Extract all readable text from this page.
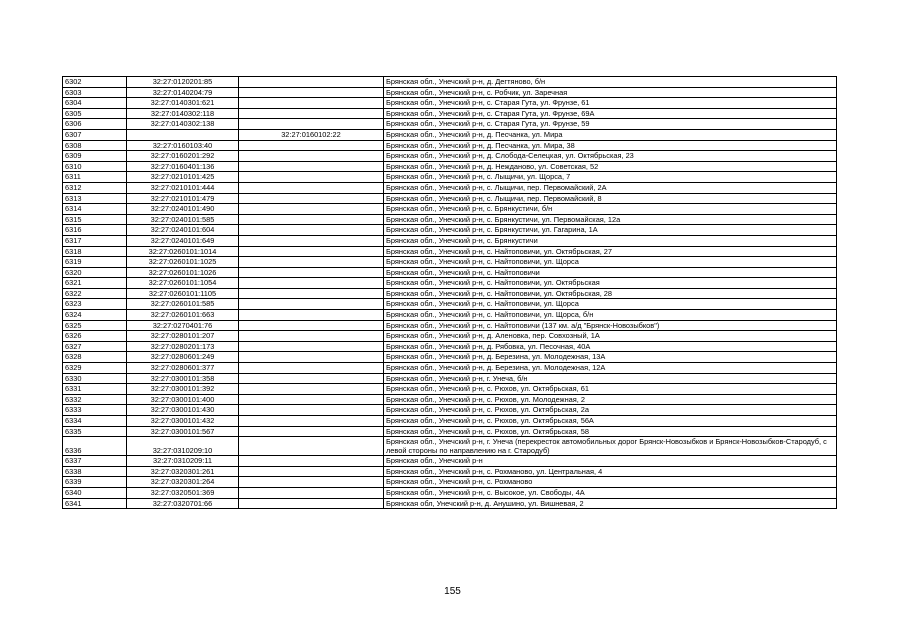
6302	32:27:0120201:85		Брянская обл., Унечский р-н, д. Дегтяново, б/н
6303	32:27:0140204:79		Брянская обл., Унечский р-н, с. Робчик, ул. Заречная
6304	32:27:0140301:621		Брянская обл., Унечский р-н, с. Старая Гута, ул. Фрунзе, 61
6305	32:27:0140302:118		Брянская обл., Унечский р-н, с. Старая Гута, ул. Фрунзе, 69А
6306	32:27:0140302:138		Брянская обл., Унечский р-н, с. Старая Гута, ул. Фрунзе, 59
6307		32:27:0160102:22	Брянская обл., Унечский р-н, д. Песчанка, ул. Мира
6308	32:27:0160103:40		Брянская обл., Унечский р-н, д. Песчанка, ул. Мира, 38
6309	32:27:0160201:292		Брянская обл., Унечский р-н, д. Слобода-Селецкая, ул. Октябрьская, 23
6310	32:27:0160401:136		Брянская обл., Унечский р-н, д. Нежданово, ул. Советская, 52
6311	32:27:0210101:425		Брянская обл., Унечский р-н, с. Лыщичи, ул. Щорса, 7
6312	32:27:0210101:444		Брянская обл., Унечский р-н, с. Лыщичи, пер. Первомайский, 2А
6313	32:27:0210101:479		Брянская обл., Унечский р-н, с. Лыщичи, пер. Первомайский, 8
6314	32:27:0240101:490		Брянская обл., Унечский р-н, с. Брянкустичи, б/н
6315	32:27:0240101:585		Брянская обл., Унечский р-н, с. Брянкустичи, ул. Первомайская, 12а
6316	32:27:0240101:604		Брянская обл., Унечский р-н, с. Брянкустичи, ул. Гагарина, 1А
6317	32:27:0240101:649		Брянская обл., Унечский р-н, с. Брянкустичи
6318	32:27:0260101:1014		Брянская обл., Унечский р-н, с. Найтоповичи, ул. Октябрьская, 27
6319	32:27:0260101:1025		Брянская обл., Унечский р-н, с. Найтоповичи, ул. Щорса
6320	32:27:0260101:1026		Брянская обл., Унечский р-н, с. Найтоповичи
6321	32:27:0260101:1054		Брянская обл., Унечский р-н, с. Найтоповичи, ул. Октябрьская
6322	32:27:0260101:1105		Брянская обл., Унечский р-н, с. Найтоповичи, ул. Октябрьская, 28
6323	32:27:0260101:585		Брянская обл., Унечский р-н, с. Найтоповичи, ул. Щорса
6324	32:27:0260101:663		Брянская обл., Унечский р-н, с. Найтоповичи, ул. Щорса, б/н
6325	32:27:0270401:76		Брянская обл., Унечский р-н, с. Найтоповичи (137 км. а/д "Брянск-Новозыбков")
6326	32:27:0280101:207		Брянская обл., Унечский р-н, д. Аленовка, пер. Совхозный, 1А
6327	32:27:0280201:173		Брянская обл., Унечский р-н, д. Рябовка, ул. Песочная, 40А
6328	32:27:0280601:249		Брянская обл., Унечский р-н, д. Березина, ул. Молодежная, 13А
6329	32:27:0280601:377		Брянская обл., Унечский р-н, д. Березина, ул. Молодежная, 12А
6330	32:27:0300101:358		Брянская обл., Унечский р-н, г. Унеча, б/н
6331	32:27:0300101:392		Брянская обл., Унечский р-н, с. Рюхов, ул. Октябрьская, 61
6332	32:27:0300101:400		Брянская обл., Унечский р-н, с. Рюхов, ул. Молодежная, 2
6333	32:27:0300101:430		Брянская обл., Унечский р-н, с. Рюхов, ул. Октябрьская, 2а
6334	32:27:0300101:432		Брянская обл., Унечский р-н, с. Рюхов, ул. Октябрьская, 56А
6335	32:27:0300101:567		Брянская обл., Унечский р-н, с. Рюхов, ул. Октябрьская, 58
6336	32:27:0310209:10		Брянская обл., Унечский р-н, г. Унеча (перекресток автомобильных дорог Брянск-Новозыбков и Брянск-Новозыбков-Стародуб, с левой стороны по направлению на г. Стародуб)
6337	32:27:0310209:11		Брянская обл., Унечский р-н
6338	32:27:0320301:261		Брянская обл., Унечский р-н, с. Рохманово, ул. Центральная, 4
6339	32:27:0320301:264		Брянская обл., Унечский р-н, с. Рохманово
6340	32:27:0320501:369		Брянская обл., Унечский р-н, с. Высокое, ул. Свободы, 4А
6341	32:27:0320701:66		Брянская обл, Унечский р-н, д. Анушино, ул. Вишневая, 2
155
